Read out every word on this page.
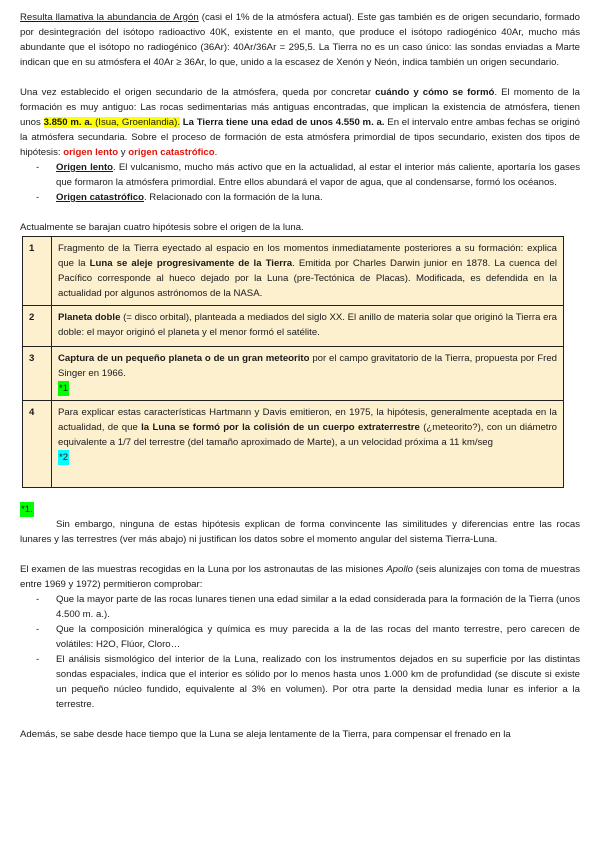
Resulta llamativa la abundancia de Argón (casi el 1% de la atmósfera actual). Este gas también es de origen secundario, formado por desintegración del isótopo radioactivo 40K, existente en el manto, que produce el isótopo radiogénico 40Ar, mucho más abundante que el isótopo no radiogénico (36Ar): 40Ar/36Ar = 295,5. La Tierra no es un caso único: las sondas enviadas a Marte indican que en su atmósfera el 40Ar ≥ 36Ar, lo que, unido a la escasez de Xenón y Neón, indica también un origen secundario.

Una vez establecido el origen secundario de la atmósfera, queda por concretar cuándo y cómo se formó. El momento de la formación es muy antiguo: Las rocas sedimentarias más antiguas encontradas, que implican la existencia de atmósfera, tienen unos 3.850 m. a. (Isua, Groenlandia). La Tierra tiene una edad de unos 4.550 m. a. En el intervalo entre ambas fechas se originó la atmósfera secundaria. Sobre el proceso de formación de esta atmósfera primordial de tipos secundario, existen dos tipos de hipótesis: origen lento y origen catastrófico.

- Origen lento. El vulcanismo, mucho más activo que en la actualidad, al estar el interior más caliente, aportaría los gases que formaron la atmósfera primordial. Entre ellos abundará el vapor de agua, que al condensarse, formó los océanos.
- Origen catastrófico. Relacionado con la formación de la luna.

Actualmente se barajan cuatro hipótesis sobre el origen de la luna.

1	Fragmento de la Tierra eyectado al espacio en los momentos inmediatamente posteriores a su formación: explica que la Luna se aleje progresivamente de la Tierra. Emitida por Charles Darwin junior en 1878. La cuenca del Pacífico corresponde al hueco dejado por la Luna (pre-Tectónica de Placas). Modificada, es defendida en la actualidad por algunos astrónomos de la NASA.
2	Planeta doble (= disco orbital), planteada a mediados del siglo XX. El anillo de materia solar que originó la Tierra era doble: el mayor originó el planeta y el menor formó el satélite.
3	Captura de un pequeño planeta o de un gran meteorito por el campo gravitatorio de la Tierra, propuesta por Fred Singer en 1966.
*1
4	Para explicar estas características Hartmann y Davis emitieron, en 1975, la hipótesis, generalmente aceptada en la actualidad, de que la Luna se formó por la colisión de un cuerpo extraterrestre (¿meteorito?), con un diámetro equivalente a 1/7 del terrestre (del tamaño aproximado de Marte), a un velocidad próxima a 11 km/seg
*2

*1.

Sin embargo, ninguna de estas hipótesis explican de forma convincente las similitudes y diferencias entre las rocas lunares y las terrestres (ver más abajo) ni justifican los datos sobre el momento angular del sistema Tierra-Luna.

El examen de las muestras recogidas en la Luna por los astronautas de las misiones Apollo (seis alunizajes con toma de muestras entre 1969 y 1972) permitieron comprobar:

- Que la mayor parte de las rocas lunares tienen una edad similar a la edad considerada para la formación de la Tierra (unos 4.500 m. a.).
- Que la composición mineralógica y química es muy parecida a la de las rocas del manto terrestre, pero carecen de volátiles: H2O, Flúor, Cloro…
- El análisis sismológico del interior de la Luna, realizado con los instrumentos dejados en su superficie por las distintas sondas espaciales, indica que el interior es sólido por lo menos hasta unos 1.000 km de profundidad (se discute si existe un pequeño núcleo fundido, equivalente al 3% en volumen). Por otra parte la densidad media lunar es inferior a la terrestre.

Además, se sabe desde hace tiempo que la Luna se aleja lentamente de la Tierra, para compensar el frenado en la
